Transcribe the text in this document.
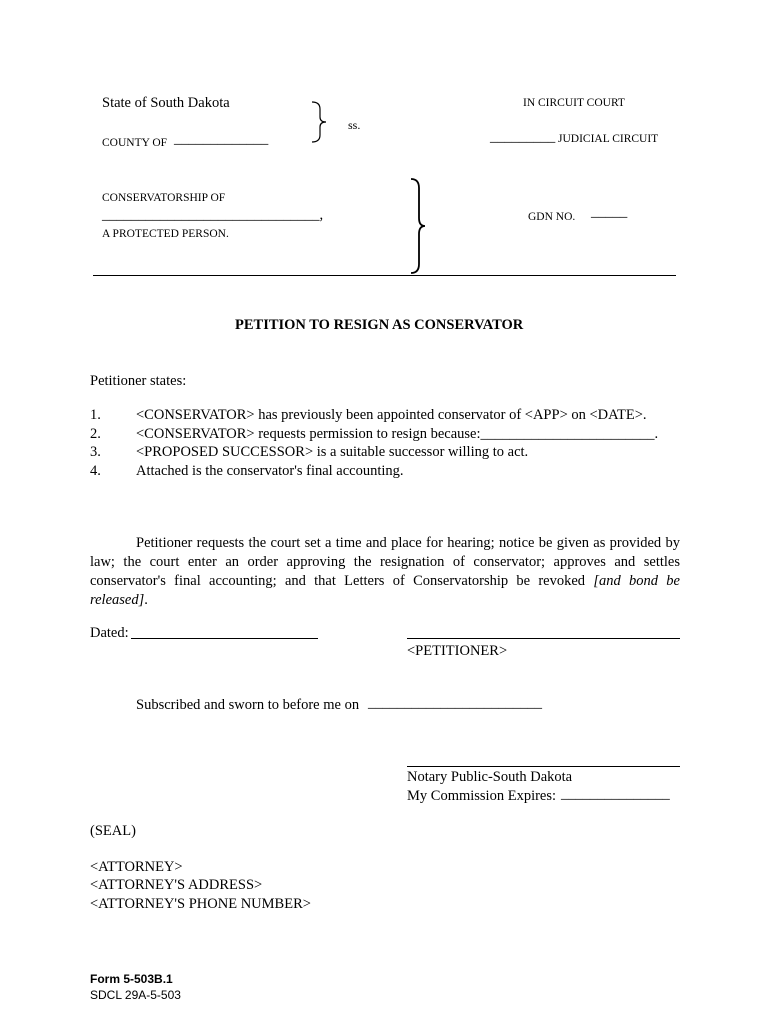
State of South Dakota
COUNTY OF _____________
ss.
IN CIRCUIT COURT
_________ JUDICIAL CIRCUIT
CONSERVATORSHIP OF
______________________________,
A PROTECTED PERSON.
GDN NO. _____
PETITION TO RESIGN AS CONSERVATOR
Petitioner states:
1. <CONSERVATOR> has previously been appointed conservator of <APP> on <DATE>.
2. <CONSERVATOR> requests permission to resign because:________________________.
3. <PROPOSED SUCCESSOR> is a suitable successor willing to act.
4. Attached is the conservator's final accounting.
Petitioner requests the court set a time and place for hearing; notice be given as provided by law; the court enter an order approving the resignation of conservator; approves and settles conservator's final accounting; and that Letters of Conservatorship be revoked [and bond be released].
Dated:
<PETITIONER>
Subscribed and sworn to before me on ________________________
Notary Public-South Dakota
My Commission Expires: _______________
(SEAL)
<ATTORNEY>
<ATTORNEY'S ADDRESS>
<ATTORNEY'S PHONE NUMBER>
Form 5-503B.1
SDCL 29A-5-503
